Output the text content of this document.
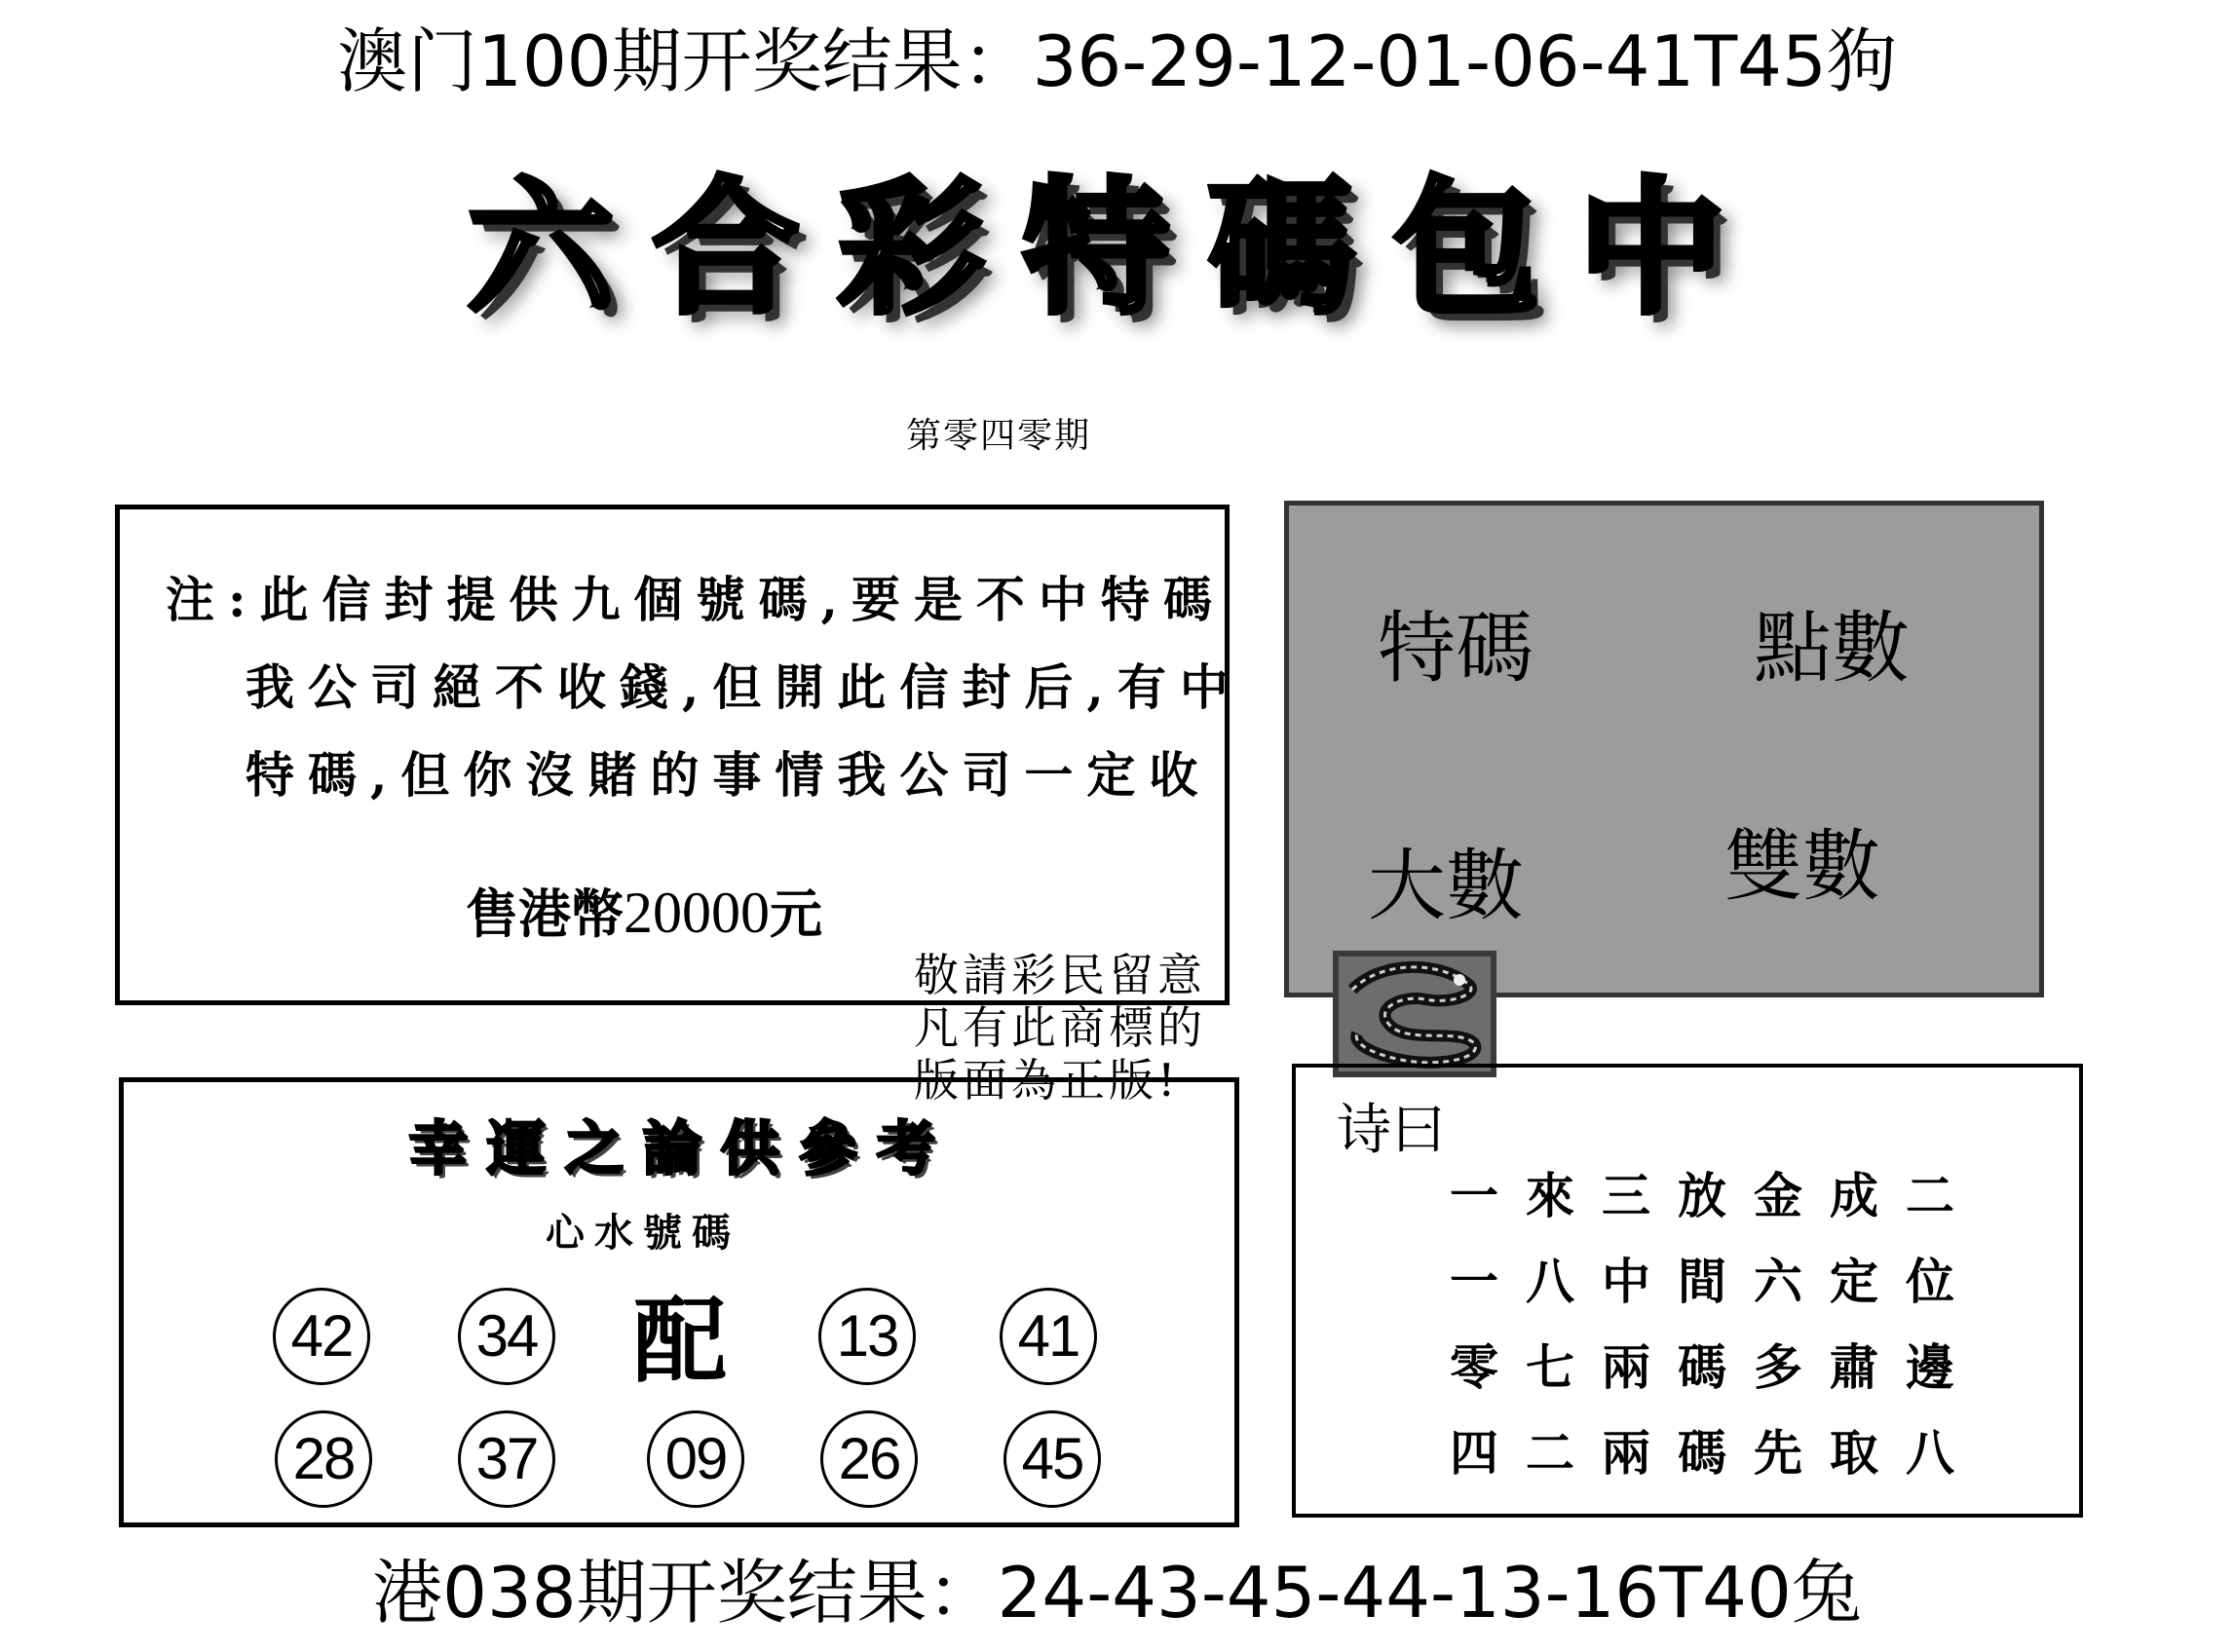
澳门100期开奖结果：36-29-12-01-06-41T45狗
六合彩特碼包中
第零四零期
注:此信封提供九個號碼,要是不中特碼
我公司絕不收錢,但開此信封后,有中
特碼,但你沒賭的事情我公司一定收
售港幣20000元
特碼	點數
大數	雙數
敬請彩民留意
凡有此商標的
版面為正版!
幸運之論供參考
心水號碼
42	34 配	13	41
28	37	09	26	45
诗曰
一來三放金成二
一八中間六定位
零七兩碼多肅邊
四二兩碼先取八
港038期开奖结果：24-43-45-44-13-16T40兔
